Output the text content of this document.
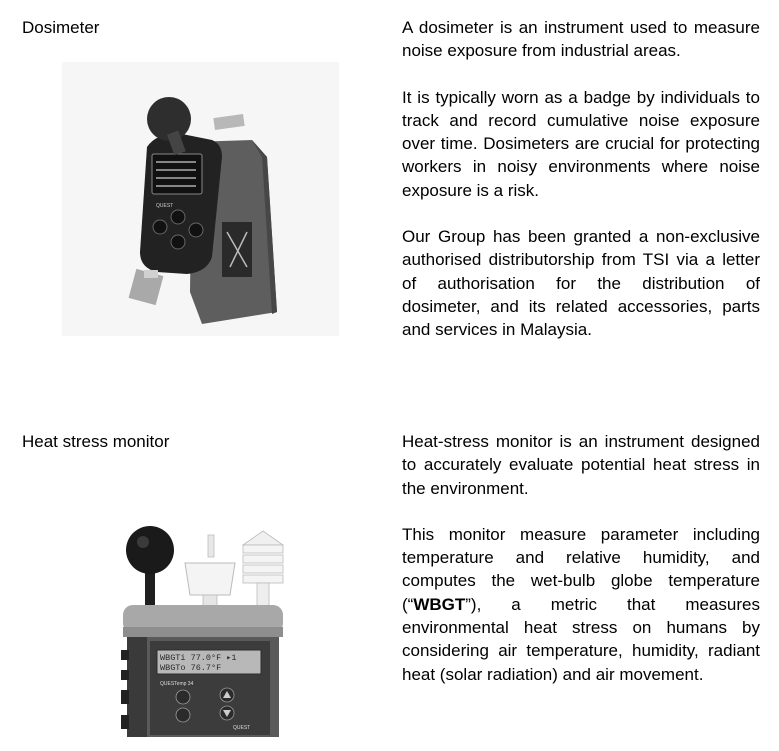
Dosimeter
QUEST

A dosimeter is an instrument used to measure noise exposure from industrial areas.

It is typically worn as a badge by individuals to track and record cumulative noise exposure over time. Dosimeters are crucial for protecting workers in noisy environments where noise exposure is a risk.

Our Group has been granted a non-exclusive authorised distributorship from TSI via a letter of authorisation for the distribution of dosimeter, and its related accessories, parts and services in Malaysia.

Heat stress monitor
WBGTi 77.0°F ▸1
WBGTo 76.7°F
QUESTemp 34
QUEST

Heat-stress monitor is an instrument designed to accurately evaluate potential heat stress in the environment.

This monitor measure parameter including temperature and relative humidity, and computes the wet-bulb globe temperature (“WBGT”), a metric that measures environmental heat stress on humans by considering air temperature, humidity, radiant heat (solar radiation) and air movement.
